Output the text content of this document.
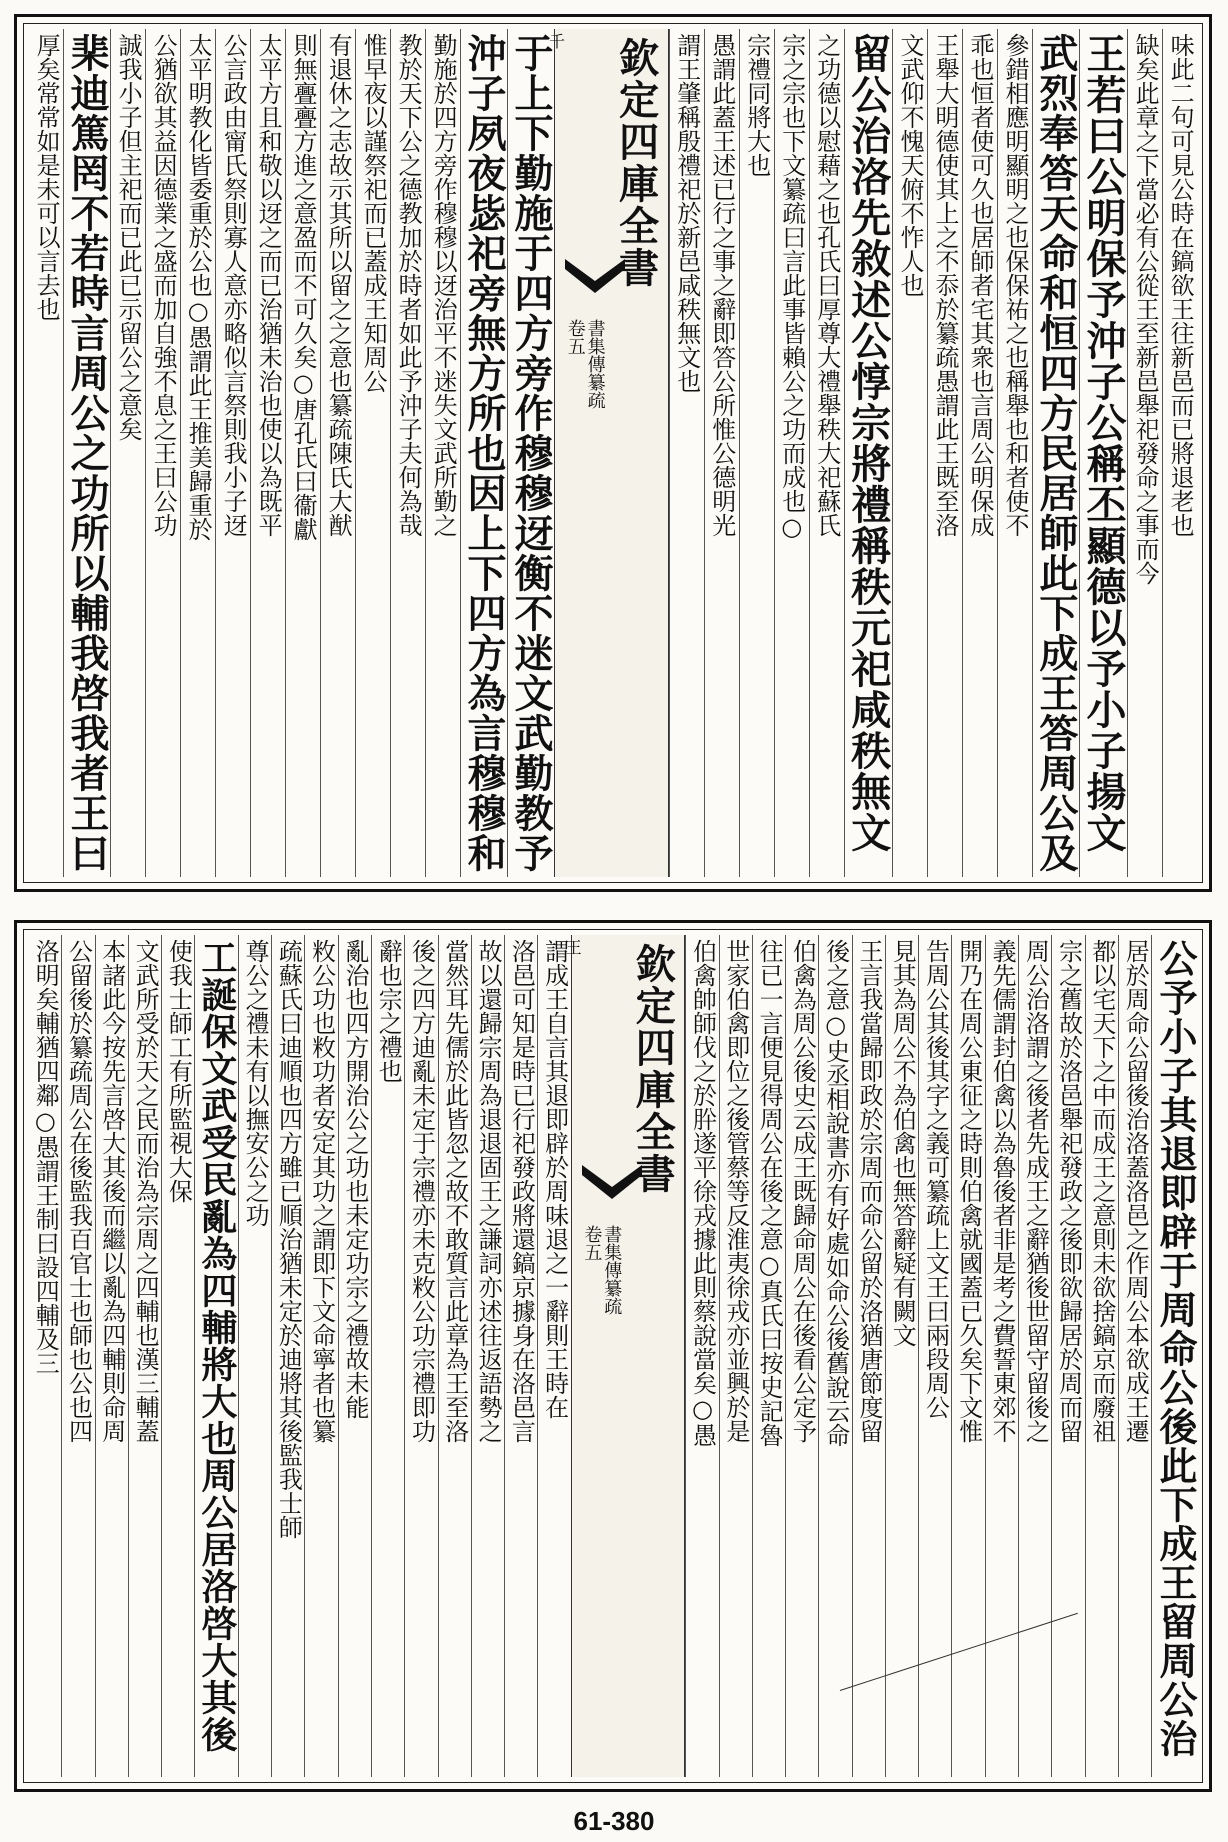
味此二句可見公時在鎬欲王往新邑而已將退老也
缺矣此章之下當必有公從王至新邑舉祀發命之事而今
王若曰公明保予沖子公稱丕顯德以予小子揚文
武烈奉答天命和恒四方民居師此下成王答周公及
參錯相應明顯明之也保保祐之也稱舉也和者使不
乖也恒者使可久也居師者宅其衆也言周公明保成
王舉大明德使其上之不忝於纂疏愚謂此王既至洛
文武仰不愧天俯不怍人也
留公治洛先敘述公惇宗將禮稱秩元祀咸秩無文
之功德以慰藉之也孔氏曰厚尊大禮舉秩大祀蘇氏
宗之宗也下文纂疏曰言此事皆賴公之功而成也○
宗禮同將大也
愚謂此蓋王述已行之事之辭即答公所惟公德明光
謂王肇稱殷禮祀於新邑咸秩無文也
欽定四庫全書
書集傳纂疏
卷五
千
于上下勤施于四方旁作穆穆迓衡不迷文武勤教予
沖子夙夜毖祀旁無方所也因上下四方為言穆穆和
勤施於四方旁作穆穆以迓治平不迷失文武所勤之
教於天下公之德教加於時者如此予沖子夫何為哉
惟早夜以謹祭祀而已蓋成王知周公
有退休之志故示其所以留之之意也纂疏陳氏大猷
則無亹亹方進之意盈而不可久矣○唐孔氏曰衞獻
太平方且和敬以迓之而已治猶未治也使以為既平
公言政由甯氏祭則寡人意亦略似言祭則我小子迓
太平明教化皆委重於公也○愚謂此王推美歸重於
公猶欲其益因德業之盛而加自強不息之王曰公功
誠我小子但主祀而已此已示留公之意矣
棐迪篤罔不若時言周公之功所以輔我啓我者王曰
厚矣常常如是未可以言去也
公予小子其退即辟于周命公後此下成王留周公治
居於周命公留後治洛蓋洛邑之作周公本欲成王遷
都以宅天下之中而成王之意則未欲捨鎬京而廢祖
宗之舊故於洛邑舉祀發政之後即欲歸居於周而留
周公治洛謂之後者先成王之辭猶後世留守留後之
義先儒謂封伯禽以為魯後者非是考之費誓東郊不
開乃在周公東征之時則伯禽就國蓋已久矣下文惟
告周公其後其字之義可纂疏上文王曰兩段周公
見其為周公不為伯禽也無答辭疑有闕文
王言我當歸即政於宗周而命公留於洛猶唐節度留
後之意○史丞相說書亦有好處如命公後舊說云命
伯禽為周公後史云成王既歸命周公在後看公定予
往已一言便見得周公在後之意○真氏曰按史記魯
世家伯禽即位之後管蔡等反淮夷徐戎亦並興於是
伯禽帥師伐之於肸遂平徐戎據此則蔡說當矣○愚
欽定四庫全書
書集傳纂疏
卷五
王
謂成王自言其退即辟於周味退之一辭則王時在
洛邑可知是時已行祀發政將還鎬京據身在洛邑言
故以還歸宗周為退退固王之謙詞亦述往返語勢之
當然耳先儒於此皆忽之故不敢質言此章為王至洛
後之四方迪亂未定于宗禮亦未克敉公功宗禮即功
辭也宗之禮也
亂治也四方開治公之功也未定功宗之禮故未能
敉公功也敉功者安定其功之謂即下文命寧者也纂
疏蘇氏曰迪順也四方雖已順治猶未定於迪將其後監我士師
尊公之禮未有以撫安公之功
工誕保文武受民亂為四輔將大也周公居洛啓大其後
使我士師工有所監視大保
文武所受於天之民而治為宗周之四輔也漢三輔蓋
本諸此今按先言啓大其後而繼以亂為四輔則命周
公留後於纂疏周公在後監我百官士也師也公也四
洛明矣輔猶四鄰○愚謂王制曰設四輔及三
61-380
